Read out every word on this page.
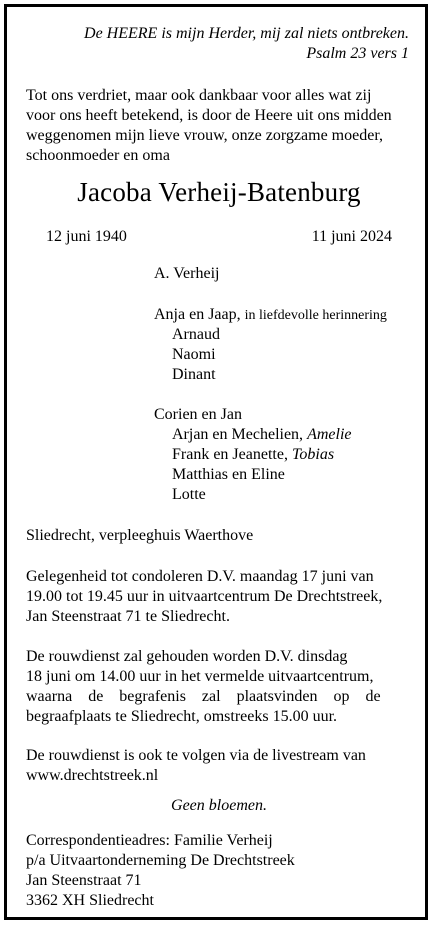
De HEERE is mijn Herder, mij zal niets ontbreken.
Psalm 23 vers 1
Tot ons verdriet, maar ook dankbaar voor alles wat zij
voor ons heeft betekend, is door de Heere uit ons midden
weggenomen mijn lieve vrouw, onze zorgzame moeder,
schoonmoeder en oma
Jacoba Verheij-Batenburg
12 juni 1940	11 juni 2024
A. Verheij
Anja en Jaap, in liefdevolle herinnering
Arnaud
Naomi
Dinant
Corien en Jan
Arjan en Mechelien, Amelie
Frank en Jeanette, Tobias
Matthias en Eline
Lotte
Sliedrecht, verpleeghuis Waerthove
Gelegenheid tot condoleren D.V. maandag 17 juni van
19.00 tot 19.45 uur in uitvaartcentrum De Drechtstreek,
Jan Steenstraat 71 te Sliedrecht.
De rouwdienst zal gehouden worden D.V. dinsdag
18 juni om 14.00 uur in het vermelde uitvaartcentrum,
waarna de begrafenis zal plaatsvinden op de
begraafplaats te Sliedrecht, omstreeks 15.00 uur.
De rouwdienst is ook te volgen via de livestream van
www.drechtstreek.nl
Geen bloemen.
Correspondentieadres: Familie Verheij
p/a Uitvaartonderneming De Drechtstreek
Jan Steenstraat 71
3362 XH Sliedrecht
